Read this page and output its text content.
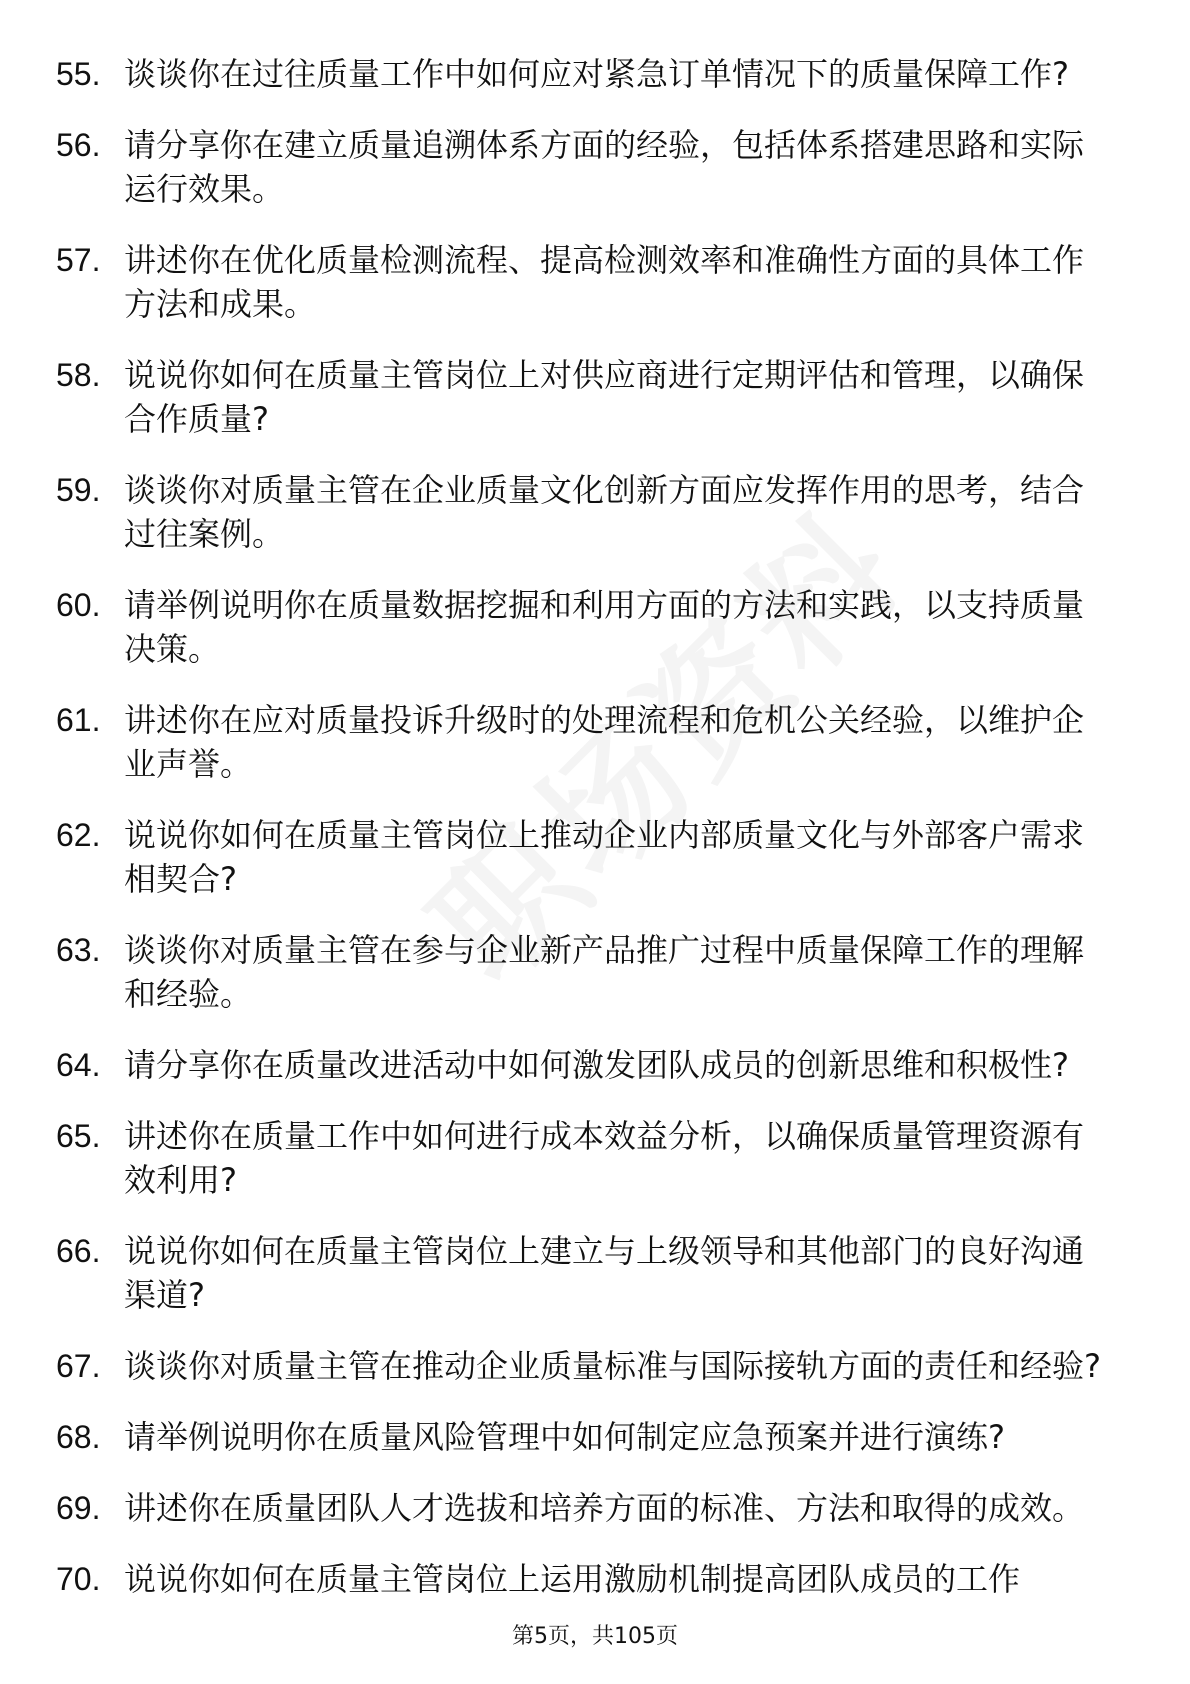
55. 谈谈你在过往质量工作中如何应对紧急订单情况下的质量保障工作?
56. 请分享你在建立质量追溯体系方面的经验，包括体系搭建思路和实际运行效果。
57. 讲述你在优化质量检测流程、提高检测效率和准确性方面的具体工作方法和成果。
58. 说说你如何在质量主管岗位上对供应商进行定期评估和管理，以确保合作质量?
59. 谈谈你对质量主管在企业质量文化创新方面应发挥作用的思考，结合过往案例。
60. 请举例说明你在质量数据挖掘和利用方面的方法和实践，以支持质量决策。
61. 讲述你在应对质量投诉升级时的处理流程和危机公关经验，以维护企业声誉。
62. 说说你如何在质量主管岗位上推动企业内部质量文化与外部客户需求相契合?
63. 谈谈你对质量主管在参与企业新产品推广过程中质量保障工作的理解和经验。
64. 请分享你在质量改进活动中如何激发团队成员的创新思维和积极性?
65. 讲述你在质量工作中如何进行成本效益分析，以确保质量管理资源有效利用?
66. 说说你如何在质量主管岗位上建立与上级领导和其他部门的良好沟通渠道?
67. 谈谈你对质量主管在推动企业质量标准与国际接轨方面的责任和经验?
68. 请举例说明你在质量风险管理中如何制定应急预案并进行演练?
69. 讲述你在质量团队人才选拔和培养方面的标准、方法和取得的成效。
70. 说说你如何在质量主管岗位上运用激励机制提高团队成员的工作
第5页，共105页
